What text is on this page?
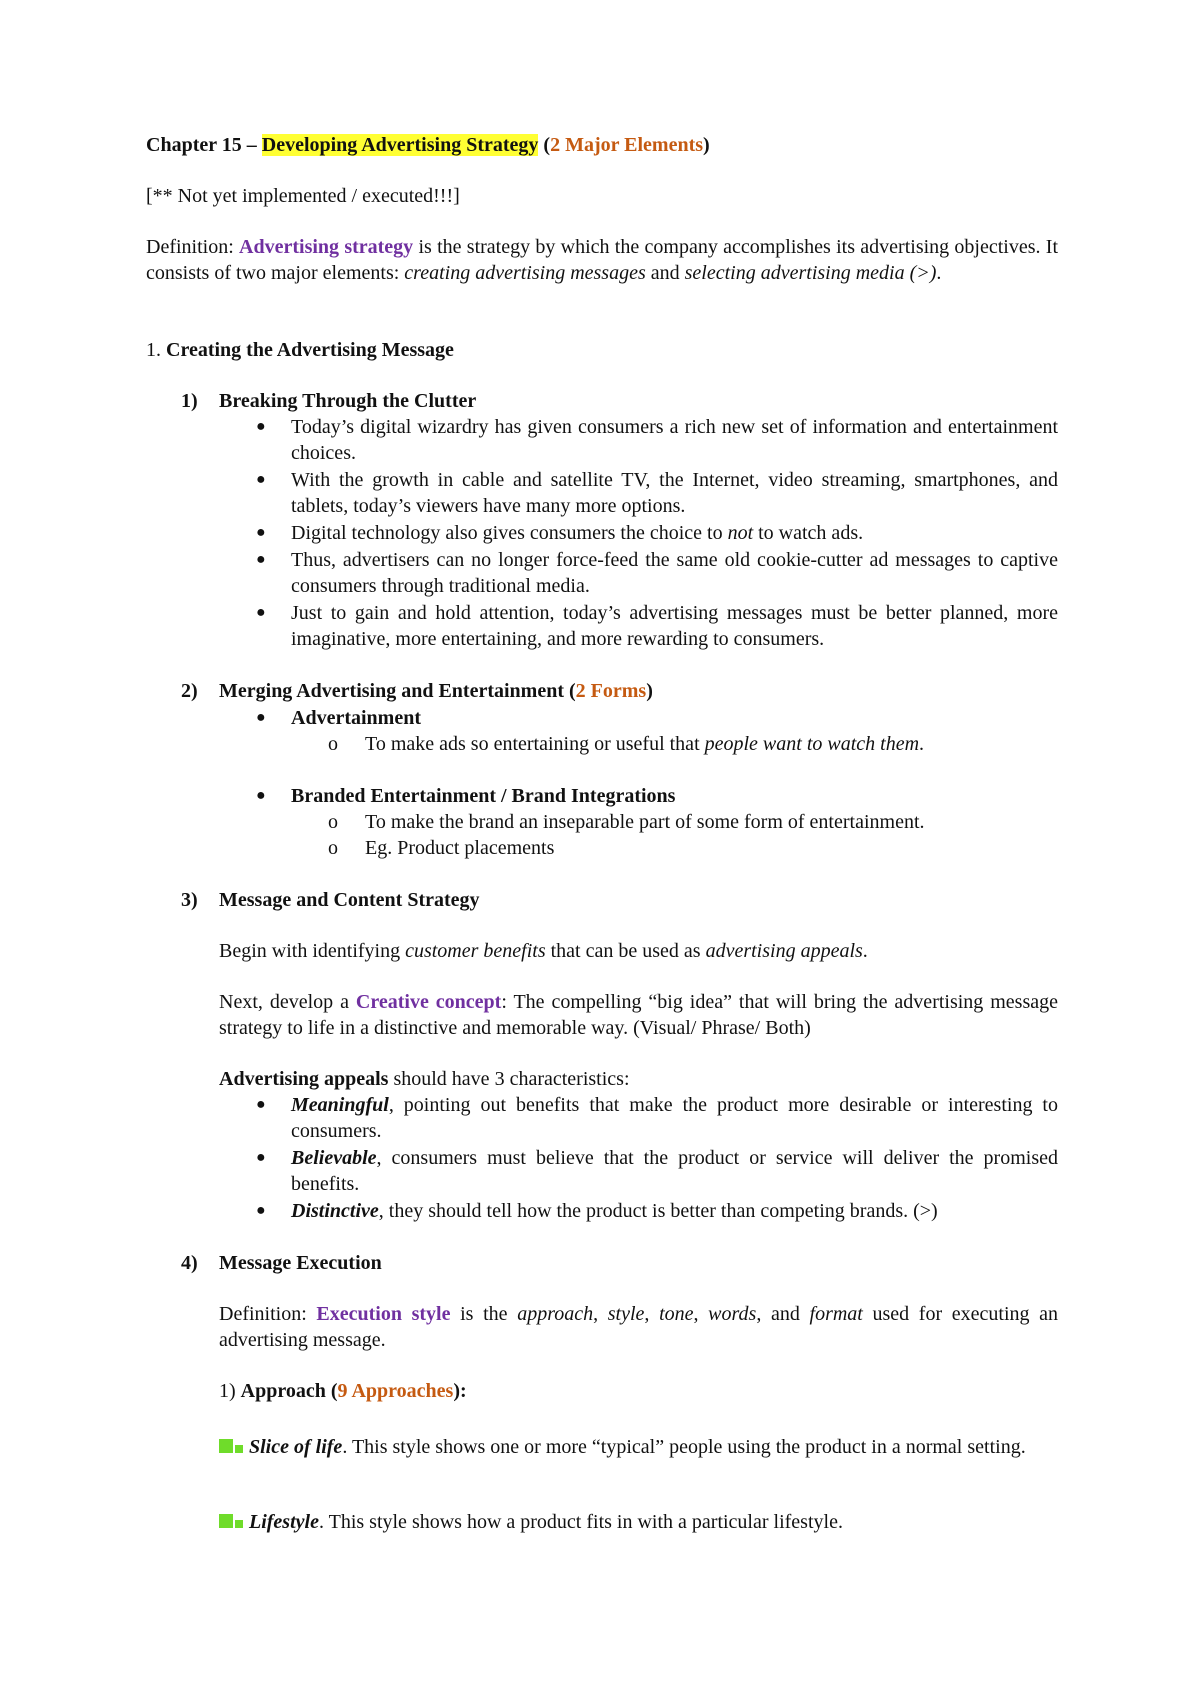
Chapter 15 – Developing Advertising Strategy (2 Major Elements)

[** Not yet implemented / executed!!!]

Definition: Advertising strategy is the strategy by which the company accomplishes its advertising objectives. It consists of two major elements: creating advertising messages and selecting advertising media (>).

1. Creating the Advertising Message

1) Breaking Through the Clutter
● Today’s digital wizardry has given consumers a rich new set of information and entertainment choices.
● With the growth in cable and satellite TV, the Internet, video streaming, smartphones, and tablets, today’s viewers have many more options.
● Digital technology also gives consumers the choice to not to watch ads.
● Thus, advertisers can no longer force-feed the same old cookie-cutter ad messages to captive consumers through traditional media.
● Just to gain and hold attention, today’s advertising messages must be better planned, more imaginative, more entertaining, and more rewarding to consumers.
2) Merging Advertising and Entertainment (2 Forms)
● Advertainment
o To make ads so entertaining or useful that people want to watch them.
● Branded Entertainment / Brand Integrations
o To make the brand an inseparable part of some form of entertainment.
o Eg. Product placements
3) Message and Content Strategy

Begin with identifying customer benefits that can be used as advertising appeals.

Next, develop a Creative concept: The compelling “big idea” that will bring the advertising message strategy to life in a distinctive and memorable way. (Visual/ Phrase/ Both)

Advertising appeals should have 3 characteristics:

● Meaningful, pointing out benefits that make the product more desirable or interesting to consumers.
● Believable, consumers must believe that the product or service will deliver the promised benefits.
● Distinctive, they should tell how the product is better than competing brands. (>)
4) Message Execution

Definition: Execution style is the approach, style, tone, words, and format used for executing an advertising message.

1) Approach (9 Approaches):

Slice of life. This style shows one or more “typical” people using the product in a normal setting.

Lifestyle. This style shows how a product fits in with a particular lifestyle.
